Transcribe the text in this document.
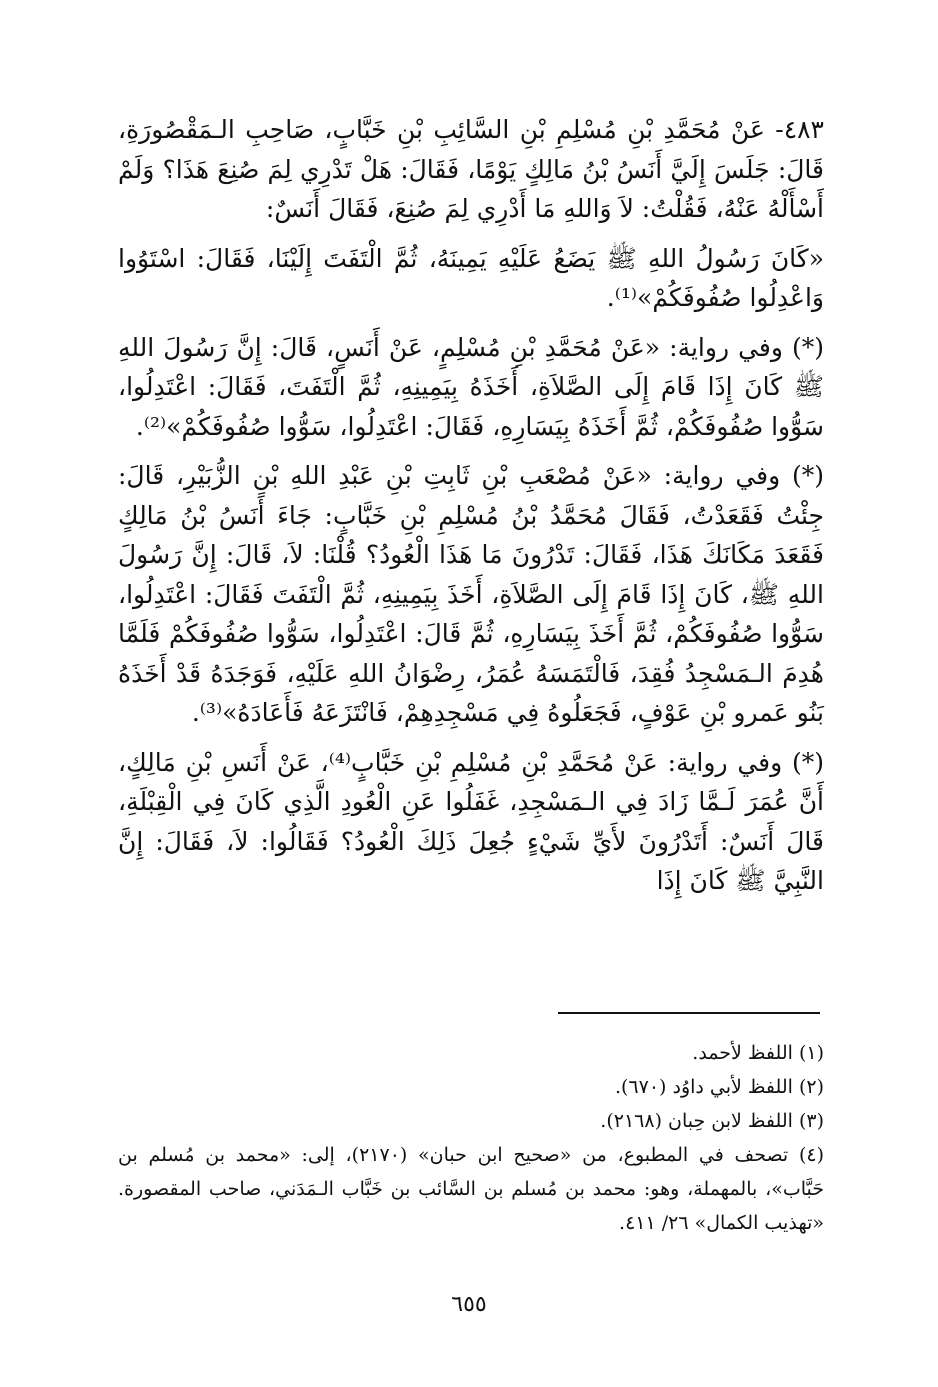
٤٨٣- عَنْ مُحَمَّدِ بْنِ مُسْلِمِ بْنِ السَّائِبِ بْنِ خَبَّابٍ، صَاحِبِ الـمَقْصُورَةِ، قَالَ: جَلَسَ إِلَيَّ أَنَسُ بْنُ مَالِكٍ يَوْمًا، فَقَالَ: هَلْ تَدْرِي لِمَ صُنِعَ هَذَا؟ وَلَمْ أَسْأَلْهُ عَنْهُ، فَقُلْتُ: لاَ وَاللهِ مَا أَدْرِي لِمَ صُنِعَ، فَقَالَ أَنَسٌ:

«كَانَ رَسُولُ اللهِ ﷺ يَضَعُ عَلَيْهِ يَمِينَهُ، ثُمَّ الْتَفَتَ إِلَيْنَا، فَقَالَ: اسْتَوُوا وَاعْدِلُوا صُفُوفَكُمْ»⁽¹⁾.

(*) وفي رواية: «عَنْ مُحَمَّدِ بْنِ مُسْلِمٍ، عَنْ أَنَسٍ، قَالَ: إِنَّ رَسُولَ اللهِ ﷺ كَانَ إِذَا قَامَ إِلَى الصَّلاَةِ، أَخَذَهُ بِيَمِينِهِ، ثُمَّ الْتَفَتَ، فَقَالَ: اعْتَدِلُوا، سَوُّوا صُفُوفَكُمْ، ثُمَّ أَخَذَهُ بِيَسَارِهِ، فَقَالَ: اعْتَدِلُوا، سَوُّوا صُفُوفَكُمْ»⁽²⁾.

(*) وفي رواية: «عَنْ مُصْعَبِ بْنِ ثَابِتِ بْنِ عَبْدِ اللهِ بْنِ الزُّبَيْرِ، قَالَ: جِئْتُ فَقَعَدْتُ، فَقَالَ مُحَمَّدُ بْنُ مُسْلِمِ بْنِ خَبَّابٍ: جَاءَ أَنَسُ بْنُ مَالِكٍ فَقَعَدَ مَكَانَكَ هَذَا، فَقَالَ: تَدْرُونَ مَا هَذَا الْعُودُ؟ قُلْنَا: لاَ، قَالَ: إِنَّ رَسُولَ اللهِ ﷺ، كَانَ إِذَا قَامَ إِلَى الصَّلاَةِ، أَخَذَ بِيَمِينِهِ، ثُمَّ الْتَفَتَ فَقَالَ: اعْتَدِلُوا، سَوُّوا صُفُوفَكُمْ، ثُمَّ أَخَذَ بِيَسَارِهِ، ثُمَّ قَالَ: اعْتَدِلُوا، سَوُّوا صُفُوفَكُمْ فَلَمَّا هُدِمَ الـمَسْجِدُ فُقِدَ، فَالْتَمَسَهُ عُمَرُ، رِضْوَانُ اللهِ عَلَيْهِ، فَوَجَدَهُ قَدْ أَخَذَهُ بَنُو عَمرو بْنِ عَوْفٍ، فَجَعَلُوهُ فِي مَسْجِدِهِمْ، فَانْتَزَعَهُ فَأَعَادَهُ»⁽³⁾.

(*) وفي رواية: عَنْ مُحَمَّدِ بْنِ مُسْلِمِ بْنِ خَبَّابٍ⁽⁴⁾، عَنْ أَنَسِ بْنِ مَالِكٍ، أَنَّ عُمَرَ لَـمَّا زَادَ فِي الـمَسْجِدِ، غَفَلُوا عَنِ الْعُودِ الَّذِي كَانَ فِي الْقِبْلَةِ، قَالَ أَنَسٌ: أَتَدْرُونَ لأَيِّ شَيْءٍ جُعِلَ ذَلِكَ الْعُودُ؟ فَقَالُوا: لاَ، فَقَالَ: إِنَّ النَّبِيَّ ﷺ كَانَ إِذَا

(١) اللفظ لأحمد.

(٢) اللفظ لأبي داوُد (٦٧٠).

(٣) اللفظ لابن حِبان (٢١٦٨).

(٤) تصحف في المطبوع، من «صحيح ابن حبان» (٢١٧٠)، إلى: «محمد بن مُسلم بن حَبَّاب»، بالمهملة، وهو: محمد بن مُسلم بن السَّائب بن خَبَّاب الـمَدَني، صاحب المقصورة. «تهذيب الكمال» ٢٦/ ٤١١.

٦٥٥
